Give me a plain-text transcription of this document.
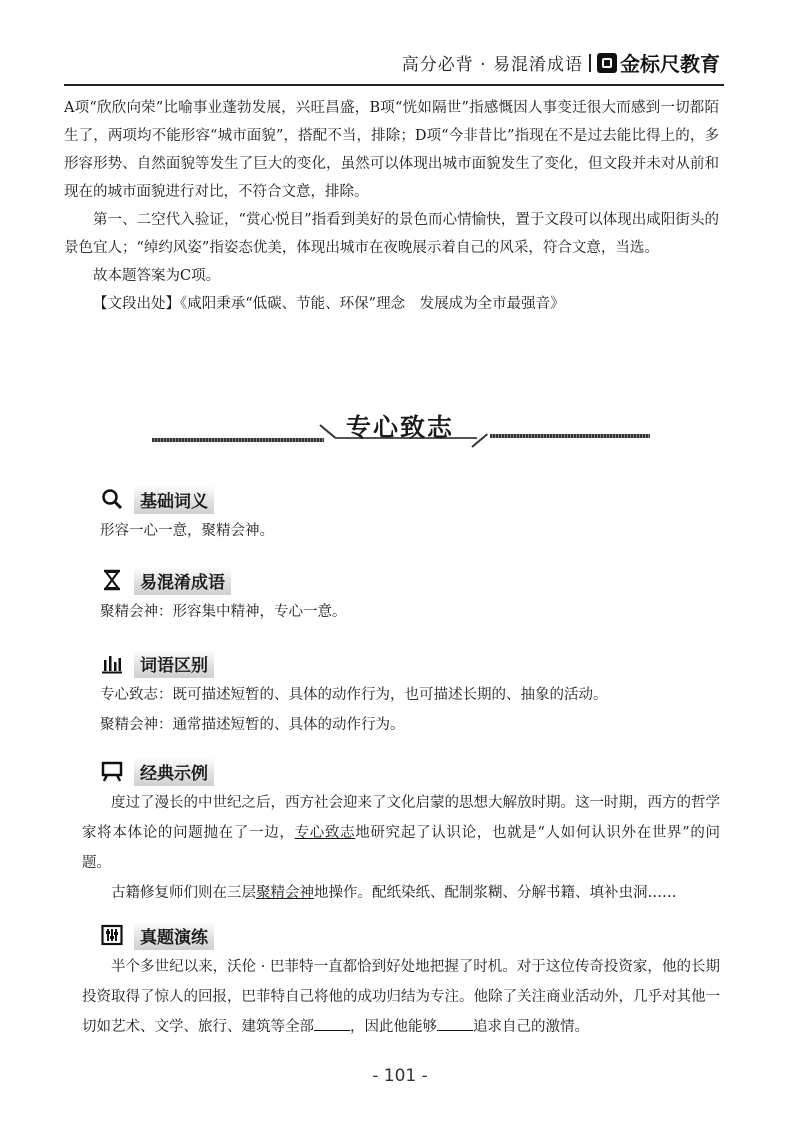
高分必背 · 易混淆成语 金标尺教育

A项“欣欣向荣”比喻事业蓬勃发展，兴旺昌盛，B项“恍如隔世”指感慨因人事变迁很大而感到一切都陌生了，两项均不能形容“城市面貌”，搭配不当，排除；D项“今非昔比”指现在不是过去能比得上的，多形容形势、自然面貌等发生了巨大的变化，虽然可以体现出城市面貌发生了变化，但文段并未对从前和现在的城市面貌进行对比，不符合文意，排除。

第一、二空代入验证，“赏心悦目”指看到美好的景色而心情愉快，置于文段可以体现出咸阳街头的景色宜人；“绰约风姿”指姿态优美，体现出城市在夜晚展示着自己的风采，符合文意，当选。

故本题答案为C项。

【文段出处】《咸阳秉承“低碳、节能、环保”理念　发展成为全市最强音》

专心致志
基础词义

形容一心一意，聚精会神。

易混淆成语

聚精会神：形容集中精神，专心一意。

词语区别

专心致志：既可描述短暂的、具体的动作行为，也可描述长期的、抽象的活动。

聚精会神：通常描述短暂的、具体的动作行为。

经典示例

度过了漫长的中世纪之后，西方社会迎来了文化启蒙的思想大解放时期。这一时期，西方的哲学家将本体论的问题抛在了一边，专心致志地研究起了认识论，也就是“人如何认识外在世界”的问题。

古籍修复师们则在三层聚精会神地操作。配纸染纸、配制浆糊、分解书籍、填补虫洞……

真题演练

半个多世纪以来，沃伦 · 巴菲特一直都恰到好处地把握了时机。对于这位传奇投资家，他的长期投资取得了惊人的回报，巴菲特自己将他的成功归结为专注。他除了关注商业活动外，几乎对其他一切如艺术、文学、旅行、建筑等全部 ，因此他能够 追求自己的激情。

- 101 -
